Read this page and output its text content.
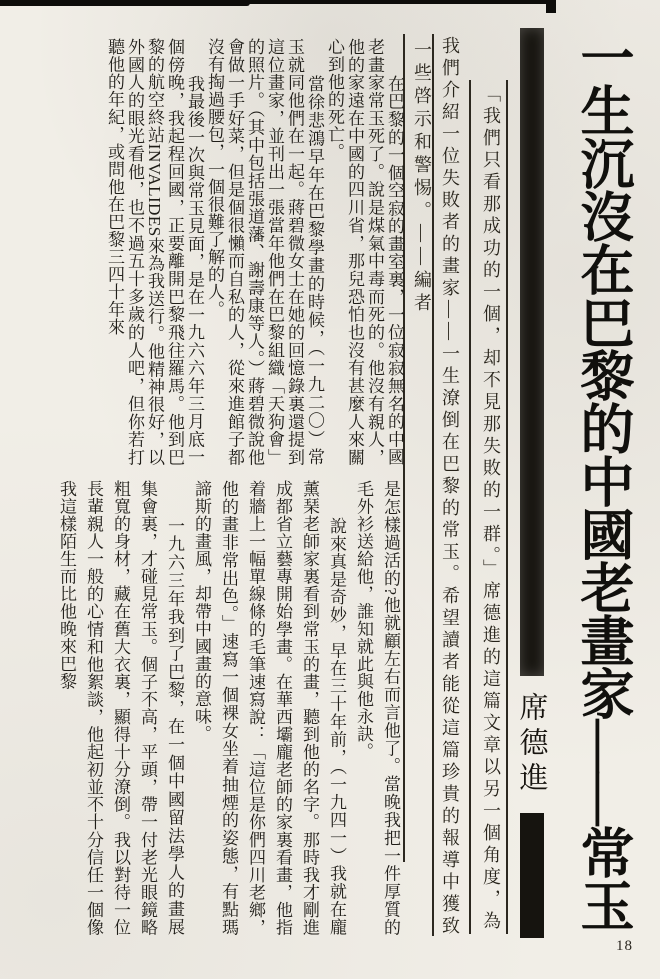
一生沉沒在巴黎的中國老畫家——常玉
席德進
「我們只看那成功的一個，却不見那失敗的一群。」席德進的這篇文章以另一個角度，為
我們介紹一位失敗者的畫家——一生潦倒在巴黎的常玉。希望讀者能從這篇珍貴的報導中獲致
一些啓示和警惕。——編者

在巴黎的一個空寂的畫室裏，一位寂寂無名的中國老畫家常玉死了。說是煤氣中毒而死的。他沒有親人，他的家遠在中國的四川省，那兒恐怕也沒有甚麼人來關心到他的死亡。

當徐悲鴻早年在巴黎學畫的時候，（一九二〇）常玉就同他們在一起。蔣碧微女士在她的回憶錄裏還提到這位畫家，並刊出一張當年他們在巴黎組織「天狗會」的照片。（其中包括張道藩、謝壽康等人。）蔣碧微說他會做一手好菜，但是個很懶而自私的人，從來進館子都沒有掏過腰包，一個很難了解的人。

我最後一次與常玉見面，是在一九六六年三月底一個傍晚，我起程回國，正要離開巴黎飛往羅馬。他到巴黎的航空終站INVALIDES來為我送行。他精神很好，以外國人的眼光看他，也不過五十多歲的人吧，但你若打聽他的年紀，或問他在巴黎三四十年來

是怎樣過活的?他就顧左右而言他了。當晚我把一件厚質的毛外衫送給他，誰知就此與他永訣。

說來真是奇妙，早在三十年前，（一九四一）我就在龐薰琹老師家裏看到常玉的畫，聽到他的名字。那時我才剛進成都省立藝專開始學畫。在華西壩龐老師的家裏看畫，他指着牆上一幅單線條的毛筆速寫說：「這位是你們四川老鄉，他的畫非常出色。」速寫一個裸女坐着抽煙的姿態，有點瑪諦斯的畫風，却帶中國畫的意味。

一九六三年我到了巴黎，在一個中國留法學人的畫展集會裏，才碰見常玉。個子不高，平頭，帶一付老光眼鏡略粗寬的身材，藏在舊大衣裏，顯得十分潦倒。我以對待一位長輩親人一般的心情和他絮談，他起初並不十分信任一個像我這樣陌生而比他晚來巴黎

18
